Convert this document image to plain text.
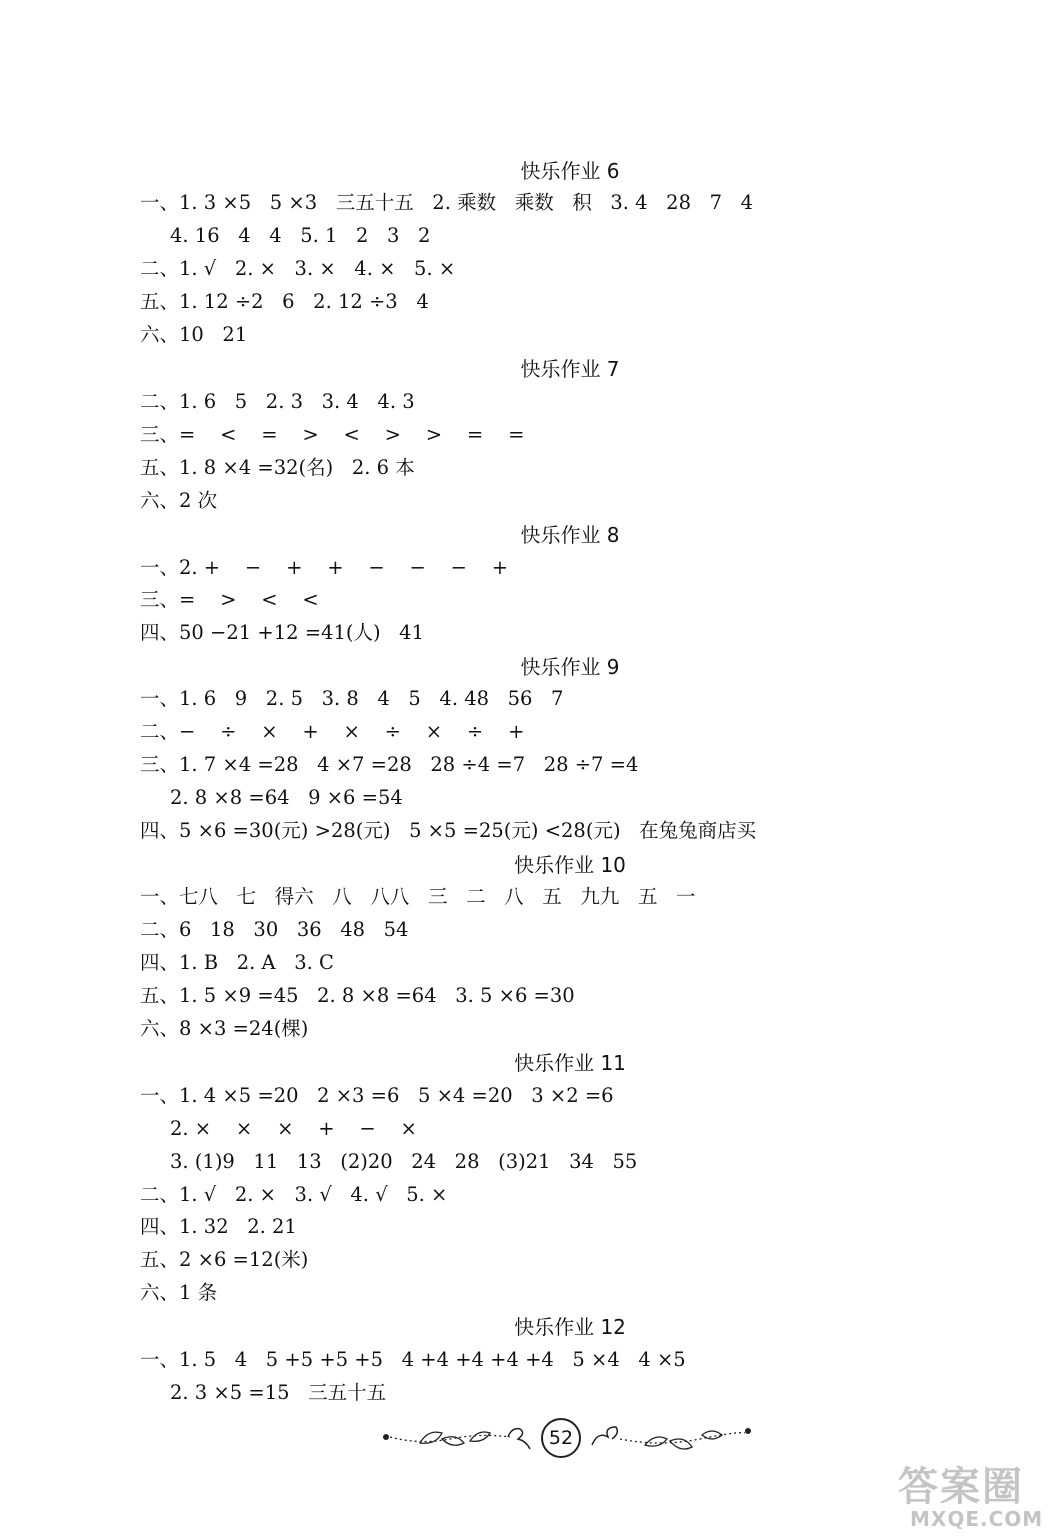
快乐作业 6
一、1. 3 ×5   5 ×3   三五十五   2. 乘数   乘数   积   3. 4   28   7   4
4. 16   4   4   5. 1   2   3   2
二、1. √   2. ×   3. ×   4. ×   5. ×
五、1. 12 ÷2   6   2. 12 ÷3   4
六、10   21
快乐作业 7
二、1. 6   5   2. 3   3. 4   4. 3
三、=    <    =    >    <    >    >    =    =
五、1. 8 ×4 =32(名)   2. 6 本
六、2 次
快乐作业 8
一、2. +    −    +    +    −    −    −    +
三、=    >    <    <
四、50 −21 +12 =41(人)   41
快乐作业 9
一、1. 6   9   2. 5   3. 8   4   5   4. 48   56   7
二、−    ÷    ×    +    ×    ÷    ×    ÷    +
三、1. 7 ×4 =28   4 ×7 =28   28 ÷4 =7   28 ÷7 =4
2. 8 ×8 =64   9 ×6 =54
四、5 ×6 =30(元) >28(元)   5 ×5 =25(元) <28(元)   在兔兔商店买
快乐作业 10
一、七八   七   得六   八   八八   三   二   八   五   九九   五   一
二、6   18   30   36   48   54
四、1. B   2. A   3. C
五、1. 5 ×9 =45   2. 8 ×8 =64   3. 5 ×6 =30
六、8 ×3 =24(棵)
快乐作业 11
一、1. 4 ×5 =20   2 ×3 =6   5 ×4 =20   3 ×2 =6
2. ×    ×    ×    +    −    ×
3. (1)9   11   13   (2)20   24   28   (3)21   34   55
二、1. √   2. ×   3. √   4. √   5. ×
四、1. 32   2. 21
五、2 ×6 =12(米)
六、1 条
快乐作业 12
一、1. 5   4   5 +5 +5 +5   4 +4 +4 +4 +4   5 ×4   4 ×5
2. 3 ×5 =15   三五十五
52
答案圈
MXQE.COM
